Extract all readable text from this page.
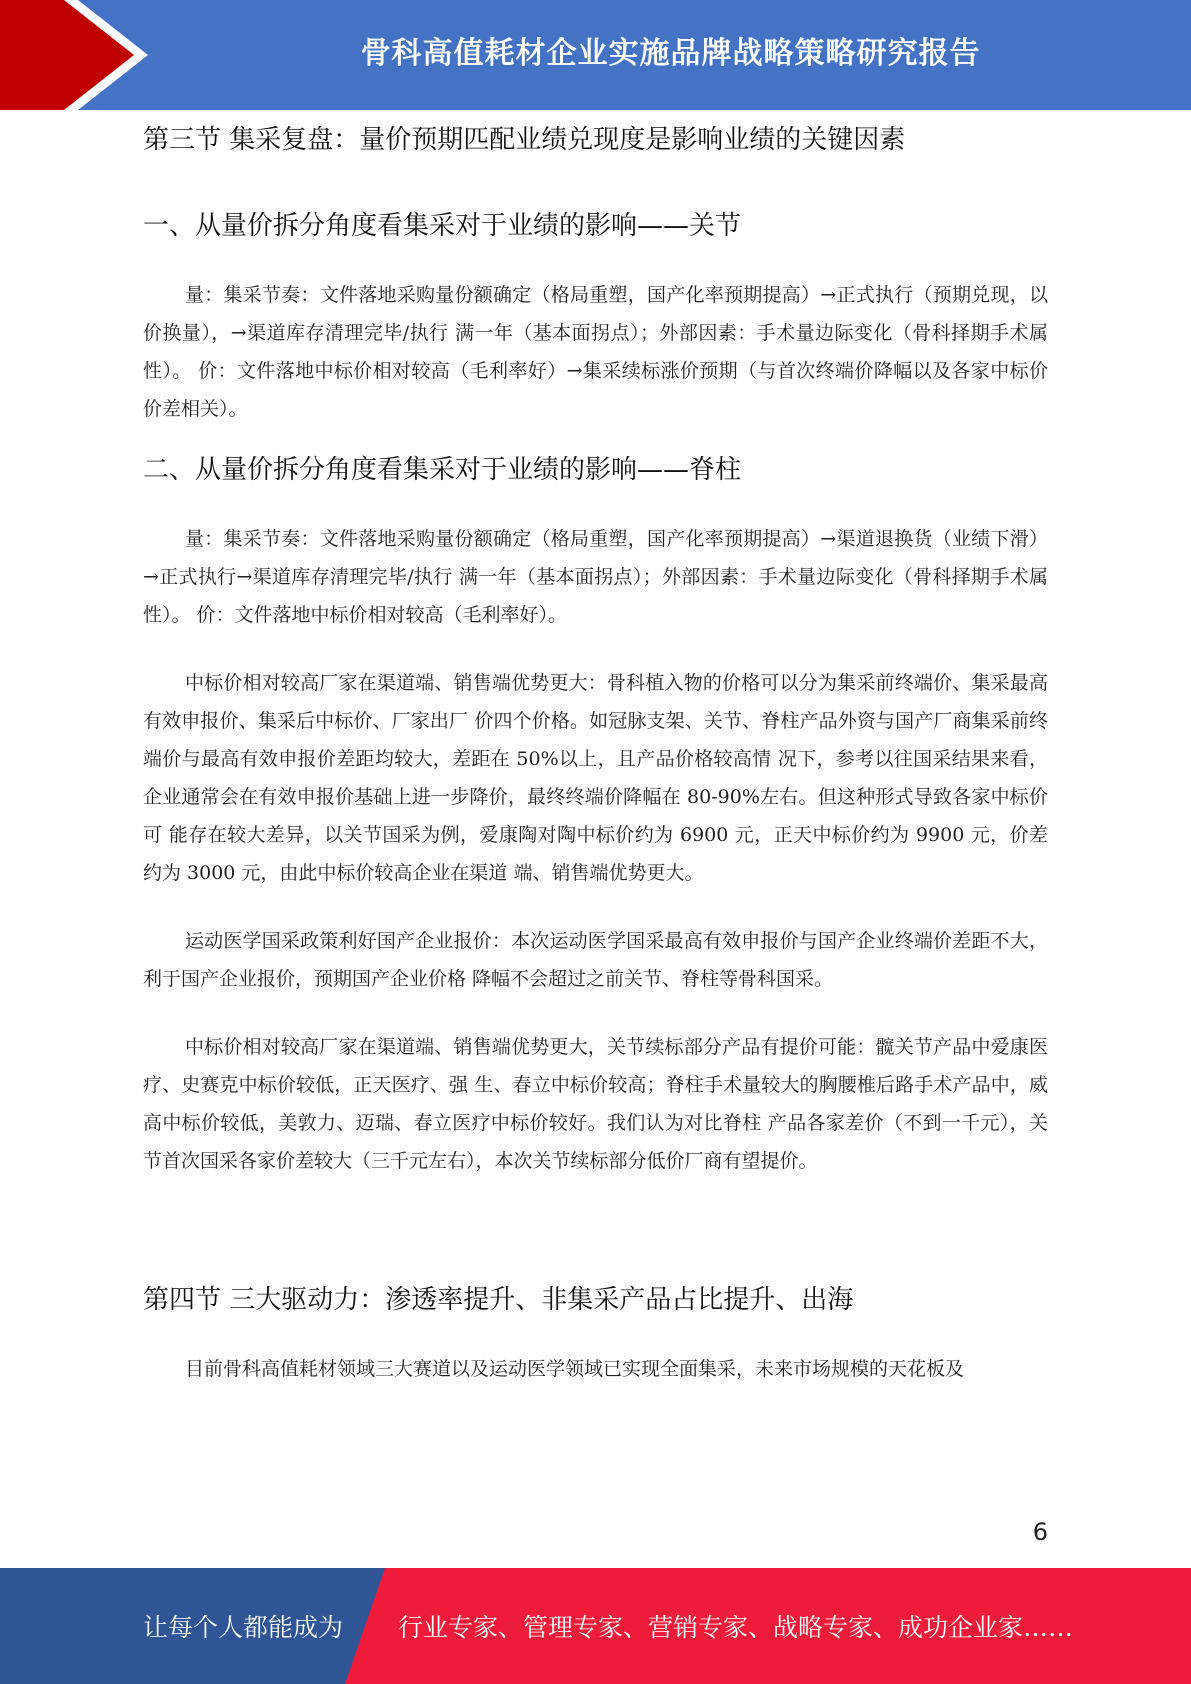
骨科高值耗材企业实施品牌战略策略研究报告
第三节 集采复盘：量价预期匹配业绩兑现度是影响业绩的关键因素
一、从量价拆分角度看集采对于业绩的影响——关节

量：集采节奏：文件落地采购量份额确定（格局重塑，国产化率预期提高）→正式执行（预期兑现，以价换量），→渠道库存清理完毕/执行 满一年（基本面拐点）；外部因素：手术量边际变化（骨科择期手术属性）。 价：文件落地中标价相对较高（毛利率好）→集采续标涨价预期（与首次终端价降幅以及各家中标价价差相关）。

二、从量价拆分角度看集采对于业绩的影响——脊柱

量：集采节奏：文件落地采购量份额确定（格局重塑，国产化率预期提高）→渠道退换货（业绩下滑）→正式执行→渠道库存清理完毕/执行 满一年（基本面拐点）；外部因素：手术量边际变化（骨科择期手术属性）。 价：文件落地中标价相对较高（毛利率好）。

中标价相对较高厂家在渠道端、销售端优势更大：骨科植入物的价格可以分为集采前终端价、集采最高有效申报价、集采后中标价、厂家出厂 价四个价格。如冠脉支架、关节、脊柱产品外资与国产厂商集采前终端价与最高有效申报价差距均较大，差距在 50%以上，且产品价格较高情 况下，参考以往国采结果来看，企业通常会在有效申报价基础上进一步降价，最终终端价降幅在 80-90%左右。但这种形式导致各家中标价可 能存在较大差异，以关节国采为例，爱康陶对陶中标价约为 6900 元，正天中标价约为 9900 元，价差约为 3000 元，由此中标价较高企业在渠道 端、销售端优势更大。

运动医学国采政策利好国产企业报价：本次运动医学国采最高有效申报价与国产企业终端价差距不大，利于国产企业报价，预期国产企业价格 降幅不会超过之前关节、脊柱等骨科国采。

中标价相对较高厂家在渠道端、销售端优势更大，关节续标部分产品有提价可能：髋关节产品中爱康医疗、史赛克中标价较低，正天医疗、强 生、春立中标价较高；脊柱手术量较大的胸腰椎后路手术产品中，威高中标价较低，美敦力、迈瑞、春立医疗中标价较好。我们认为对比脊柱 产品各家差价（不到一千元），关节首次国采各家价差较大（三千元左右），本次关节续标部分低价厂商有望提价。

第四节 三大驱动力：渗透率提升、非集采产品占比提升、出海

目前骨科高值耗材领域三大赛道以及运动医学领域已实现全面集采，未来市场规模的天花板及

6
让每个人都能成为 行业专家、管理专家、营销专家、战略专家、成功企业家……
